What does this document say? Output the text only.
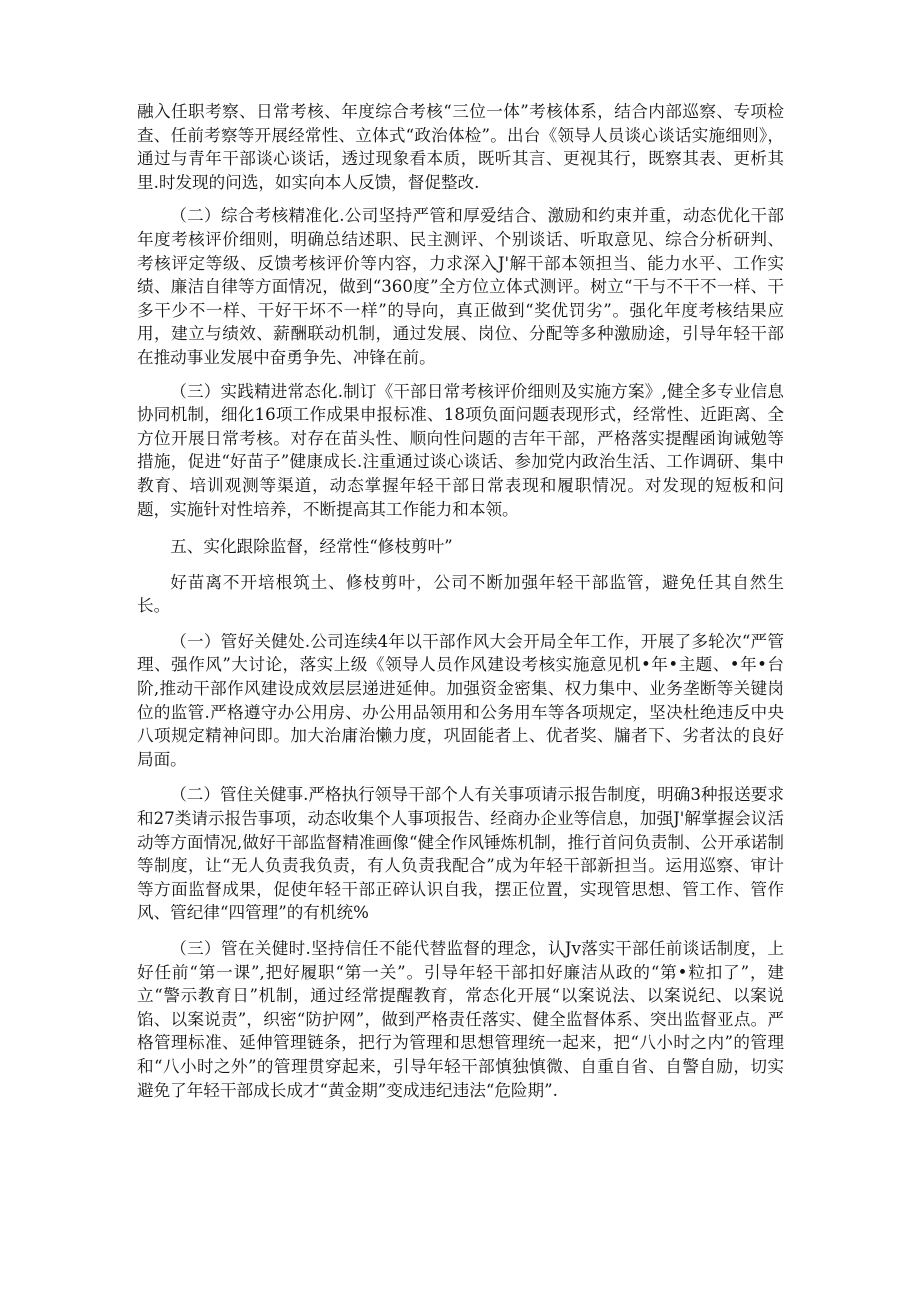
融入任职考察、日常考核、年度综合考核“三位一体”考核体系，结合内部巡察、专项检查、任前考察等开展经常性、立体式“政治体检”。出台《领导人员谈心谈话实施细则》，通过与青年干部谈心谈话，透过现象看本质，既听其言、更视其行，既察其表、更析其里.时发现的问选，如实向本人反馈，督促整改.

（二）综合考核精准化.公司坚持严管和厚爱结合、激励和约束并重，动态优化干部年度考核评价细则，明确总结述职、民主测评、个别谈话、听取意见、综合分析研判、考核评定等级、反馈考核评价等内容，力求深入J'解干部本领担当、能力水平、工作实绩、廉洁自律等方面情况，做到“360度”全方位立体式测评。树立“干与不干不一样、干多干少不一样、干好干坏不一样”的导向，真正做到“奖优罚劣”。强化年度考核结果应用，建立与绩效、薪酬联动机制，通过发展、岗位、分配等多种激励途，引导年轻干部在推动事业发展中奋勇争先、冲锋在前。

（三）实践精进常态化.制订《干部日常考核评价细则及实施方案》,健全多专业信息协同机制，细化16项工作成果申报标准、18项负面问题表现形式，经常性、近距离、全方位开展日常考核。对存在苗头性、顺向性问题的吉年干部，严格落实提醒函询诫勉等措施，促进“好苗子”健康成长.注重通过谈心谈话、参加党内政治生活、工作调研、集中教育、培训观测等渠道，动态掌握年轻干部日常表现和履职情况。对发现的短板和问题，实施针对性培养，不断提高其工作能力和本领。

五、实化跟除监督，经常性“修枝剪叶”

好苗离不开培根筑土、修枝剪叶，公司不断加强年轻干部监管，避免任其自然生长。

（一）管好关健处.公司连续4年以干部作风大会开局全年工作，开展了多轮次“严管理、强作风”大讨论，落实上级《领导人员作风建设考核实施意见机•年•主题、•年•台阶,推动干部作风建设成效层层递进延伸。加强资金密集、权力集中、业务垄断等关键岗位的监管.严格遵守办公用房、办公用品领用和公务用车等各项规定，坚决杜绝违反中央八项规定精神问即。加大治庸治懒力度，巩固能者上、优者奖、牖者下、劣者汰的良好局面。

（二）管住关健事.严格执行领导干部个人有关事项请示报告制度，明确3种报送要求和27类请示报告事项，动态收集个人事项报告、经商办企业等信息，加强J'解掌握会议活动等方面情况,做好干部监督精准画像“健全作风锤炼机制，推行首问负责制、公开承诺制等制度，让“无人负责我负责，有人负责我配合”成为年轻干部新担当。运用巡察、审计等方面监督成果，促使年轻干部正碎认识自我，摆正位置，实现管思想、管工作、管作风、管纪律“四管理”的有机统%

（三）管在关健时.坚持信任不能代替监督的理念，认Jv落实干部任前谈话制度，上好任前“第一课”,把好履职“第一关”。引导年轻干部扣好廉洁从政的“第•粒扣了”，建立“警示教育日”机制，通过经常提醒教育，常态化开展“以案说法、以案说纪、以案说馅、以案说责”，织密“防护网”，做到严格责任落实、健全监督体系、突出监督亚点。严格管理标准、延伸管理链条，把行为管理和思想管理统一起来，把“八小时之内”的管理和“八小时之外”的管理贯穿起来，引导年轻干部慎独慎微、自重自省、自警自励，切实避免了年轻干部成长成才“黄金期”变成违纪违法“危险期”.
